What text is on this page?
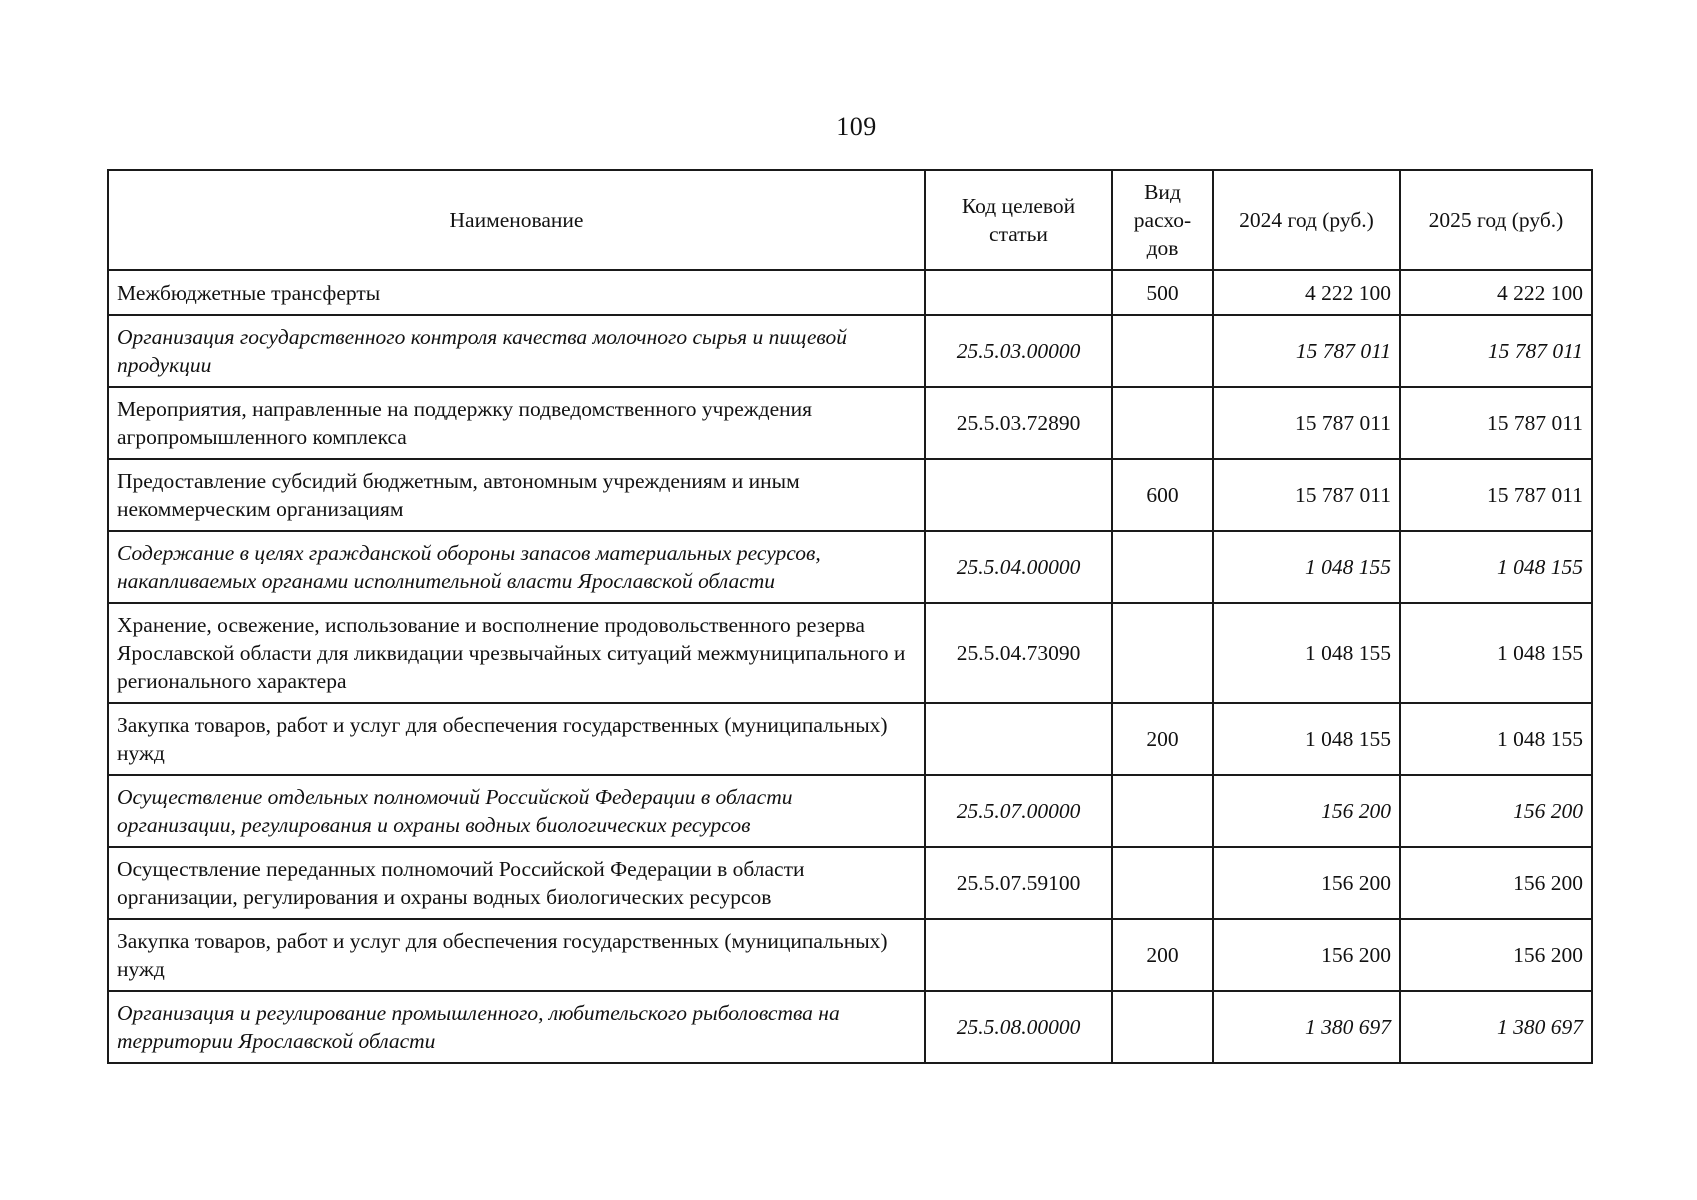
109
Наименование	Код целевой статьи	Вид расхо-дов	2024 год (руб.)	2025 год (руб.)
Межбюджетные трансферты		500	4 222 100	4 222 100
Организация государственного контроля качества молочного сырья и пищевой продукции	25.5.03.00000		15 787 011	15 787 011
Мероприятия, направленные на поддержку подведомственного учреждения агропромышленного комплекса	25.5.03.72890		15 787 011	15 787 011
Предоставление субсидий бюджетным, автономным учреждениям и иным некоммерческим организациям		600	15 787 011	15 787 011
Содержание в целях гражданской обороны запасов материальных ресурсов, накапливаемых органами исполнительной власти Ярославской области	25.5.04.00000		1 048 155	1 048 155
Хранение, освежение, использование и восполнение продовольственного резерва Ярославской области для ликвидации чрезвычайных ситуаций межмуниципального и регионального характера	25.5.04.73090		1 048 155	1 048 155
Закупка товаров, работ и услуг для обеспечения государственных (муниципальных) нужд		200	1 048 155	1 048 155
Осуществление отдельных полномочий Российской Федерации в области организации, регулирования и охраны водных биологических ресурсов	25.5.07.00000		156 200	156 200
Осуществление переданных полномочий Российской Федерации в области организации, регулирования и охраны водных биологических ресурсов	25.5.07.59100		156 200	156 200
Закупка товаров, работ и услуг для обеспечения государственных (муниципальных) нужд		200	156 200	156 200
Организация и регулирование промышленного, любительского рыболовства на территории Ярославской области	25.5.08.00000		1 380 697	1 380 697
